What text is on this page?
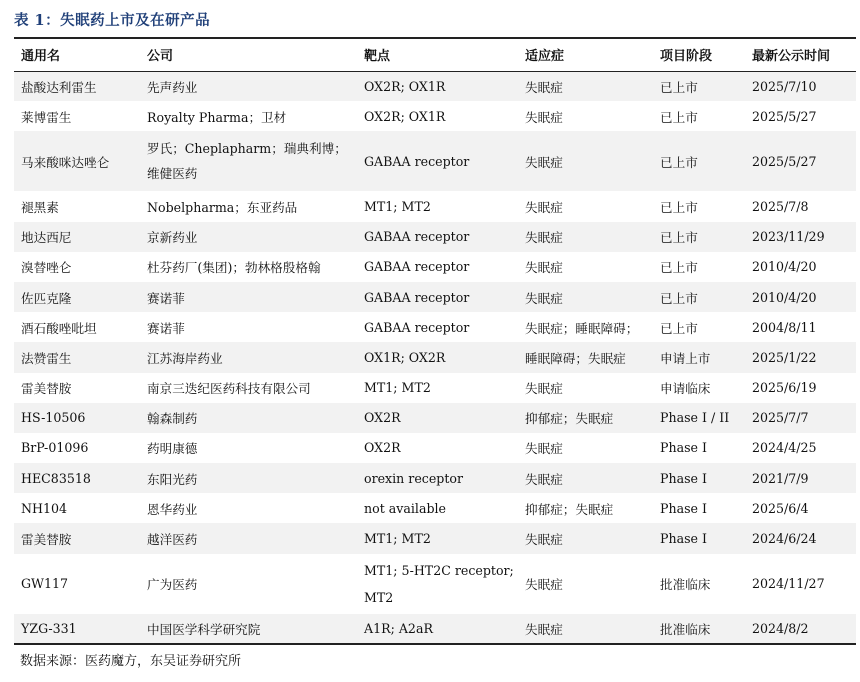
表 1：失眠药上市及在研产品
通用名	公司	靶点	适应症	项目阶段	最新公示时间
盐酸达利雷生	先声药业	OX2R; OX1R	失眠症	已上市	2025/7/10
莱博雷生	Royalty Pharma；卫材	OX2R; OX1R	失眠症	已上市	2025/5/27
马来酸咪达唑仑	罗氏；Cheplapharm；瑞典利博；维健医药	GABAA receptor	失眠症	已上市	2025/5/27
褪黑素	Nobelpharma；东亚药品	MT1; MT2	失眠症	已上市	2025/7/8
地达西尼	京新药业	GABAA receptor	失眠症	已上市	2023/11/29
溴替唑仑	杜芬药厂(集团)；勃林格殷格翰	GABAA receptor	失眠症	已上市	2010/4/20
佐匹克隆	赛诺菲	GABAA receptor	失眠症	已上市	2010/4/20
酒石酸唑吡坦	赛诺菲	GABAA receptor	失眠症；睡眠障碍；	已上市	2004/8/11
法赞雷生	江苏海岸药业	OX1R; OX2R	睡眠障碍；失眠症	申请上市	2025/1/22
雷美替胺	南京三迭纪医药科技有限公司	MT1; MT2	失眠症	申请临床	2025/6/19
HS-10506	翰森制药	OX2R	抑郁症；失眠症	Phase I / II	2025/7/7
BrP-01096	药明康德	OX2R	失眠症	Phase I	2024/4/25
HEC83518	东阳光药	orexin receptor	失眠症	Phase I	2021/7/9
NH104	恩华药业	not available	抑郁症；失眠症	Phase I	2025/6/4
雷美替胺	越洋医药	MT1; MT2	失眠症	Phase I	2024/6/24
GW117	广为医药	MT1; 5-HT2C receptor; MT2	失眠症	批准临床	2024/11/27
YZG-331	中国医学科学研究院	A1R; A2aR	失眠症	批准临床	2024/8/2
数据来源：医药魔方，东吴证券研究所
